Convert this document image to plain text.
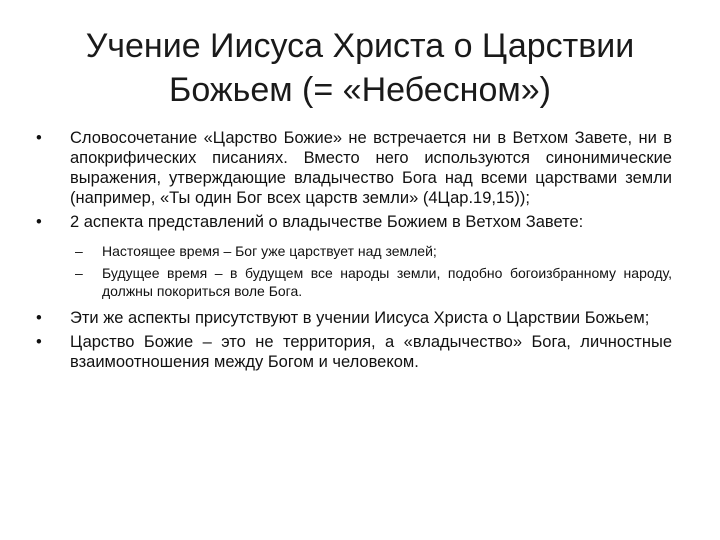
Учение Иисуса Христа о Царствии
Божьем (= «Небесном»)
• Словосочетание «Царство Божие» не встречается ни в Ветхом Завете, ни в апокрифических писаниях. Вместо него используются синонимические выражения, утверждающие владычество Бога над всеми царствами земли (например, «Ты один Бог всех царств земли» (4Цар.19,15));
• 2 аспекта представлений о владычестве Божием в Ветхом Завете:
– Настоящее время – Бог уже царствует над землей;
– Будущее время – в будущем все народы земли, подобно богоизбранному народу, должны покориться воле Бога.
• Эти же аспекты присутствуют в учении Иисуса Христа о Царствии Божьем;
• Царство Божие – это не территория, а «владычество» Бога, личностные взаимоотношения между Богом и человеком.
